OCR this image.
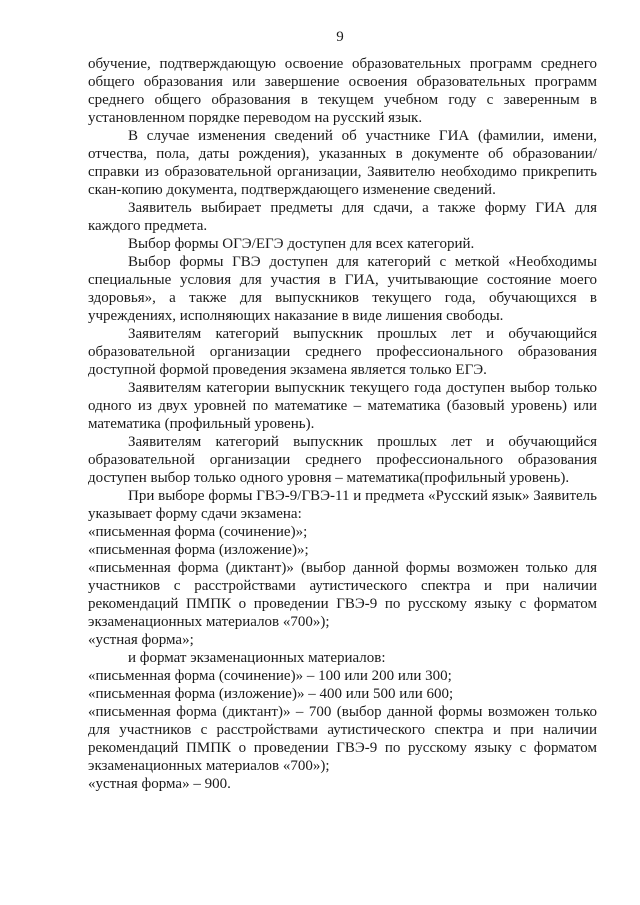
9

обучение, подтверждающую освоение образовательных программ среднего общего образования или завершение освоения образовательных программ среднего общего образования в текущем учебном году с заверенным в установленном порядке переводом на русский язык.

В случае изменения сведений об участнике ГИА (фамилии, имени, отчества, пола, даты рождения), указанных в документе об образовании/справки из образовательной организации, Заявителю необходимо прикрепить скан-копию документа, подтверждающего изменение сведений.

Заявитель выбирает предметы для сдачи, а также форму ГИА для каждого предмета.

Выбор формы ОГЭ/ЕГЭ доступен для всех категорий.

Выбор формы ГВЭ доступен для категорий с меткой «Необходимы специальные условия для участия в ГИА, учитывающие состояние моего здоровья», а также для выпускников текущего года, обучающихся в учреждениях, исполняющих наказание в виде лишения свободы.

Заявителям категорий выпускник прошлых лет и обучающийся образовательной организации среднего профессионального образования доступной формой проведения экзамена является только ЕГЭ.

Заявителям категории выпускник текущего года доступен выбор только одного из двух уровней по математике – математика (базовый уровень) или математика (профильный уровень).

Заявителям категорий выпускник прошлых лет и обучающийся образовательной организации среднего профессионального образования доступен выбор только одного уровня – математика(профильный уровень).

При выборе формы ГВЭ-9/ГВЭ-11 и предмета «Русский язык» Заявитель указывает форму сдачи экзамена:

«письменная форма (сочинение)»;

«письменная форма (изложение)»;

«письменная форма (диктант)» (выбор данной формы возможен только для участников с расстройствами аутистического спектра и при наличии рекомендаций ПМПК о проведении ГВЭ-9 по русскому языку с форматом экзаменационных материалов «700»);

«устная форма»;

и формат экзаменационных материалов:

«письменная форма (сочинение)» – 100 или 200 или 300;

«письменная форма (изложение)» – 400 или 500 или 600;

«письменная форма (диктант)» – 700 (выбор данной формы возможен только для участников с расстройствами аутистического спектра и при наличии рекомендаций ПМПК о проведении ГВЭ-9 по русскому языку с форматом экзаменационных материалов «700»);

«устная форма» – 900.
